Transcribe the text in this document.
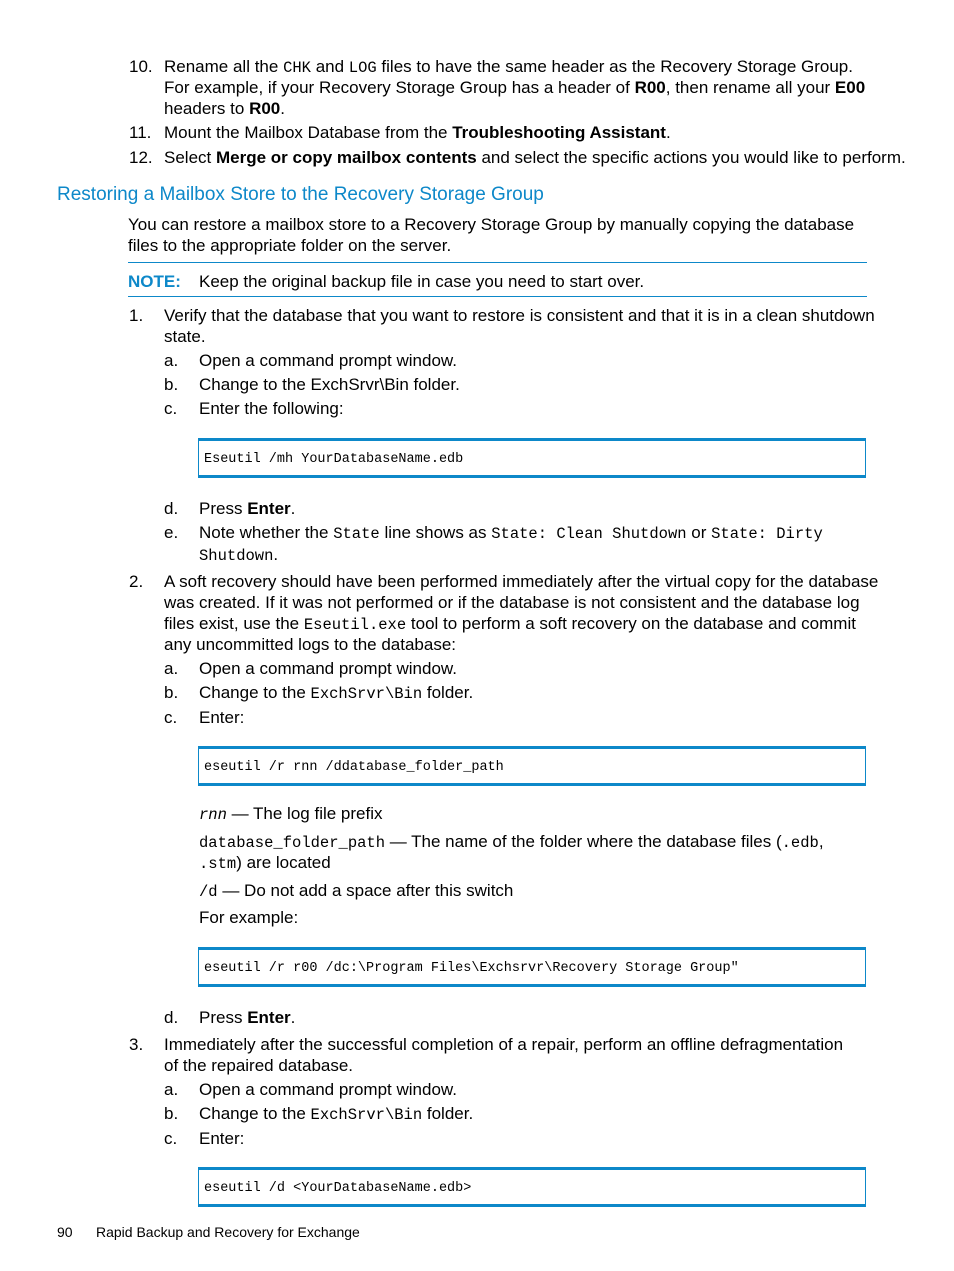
10. Rename all the CHK and LOG files to have the same header as the Recovery Storage Group.
For example, if your Recovery Storage Group has a header of R00, then rename all your E00
headers to R00.
11. Mount the Mailbox Database from the Troubleshooting Assistant.
12. Select Merge or copy mailbox contents and select the specific actions you would like to perform.
Restoring a Mailbox Store to the Recovery Storage Group
You can restore a mailbox store to a Recovery Storage Group by manually copying the database
files to the appropriate folder on the server.
NOTE: Keep the original backup file in case you need to start over.
1.	Verify that the database that you want to restore is consistent and that it is in a clean shutdown
state.
a.	Open a command prompt window.
b.	Change to the ExchSrvr\Bin folder.
c.	Enter the following:
Eseutil /mh YourDatabaseName.edb
d.	Press Enter.
e.	Note whether the State line shows as State: Clean Shutdown or State: Dirty
Shutdown.
2.	A soft recovery should have been performed immediately after the virtual copy for the database
was created. If it was not performed or if the database is not consistent and the database log
files exist, use the Eseutil.exe tool to perform a soft recovery on the database and commit
any uncommitted logs to the database:
a.	Open a command prompt window.
b.	Change to the ExchSrvr\Bin folder.
c.	Enter:
eseutil /r rnn /ddatabase_folder_path
rnn — The log file prefix
database_folder_path — The name of the folder where the database files (.edb,
.stm) are located
/d — Do not add a space after this switch
For example:
eseutil /r r00 /dc:\Program Files\Exchsrvr\Recovery Storage Group"
d.	Press Enter.
3.	Immediately after the successful completion of a repair, perform an offline defragmentation
of the repaired database.
a.	Open a command prompt window.
b.	Change to the ExchSrvr\Bin folder.
c.	Enter:
eseutil /d <YourDatabaseName.edb>
90 Rapid Backup and Recovery for Exchange
